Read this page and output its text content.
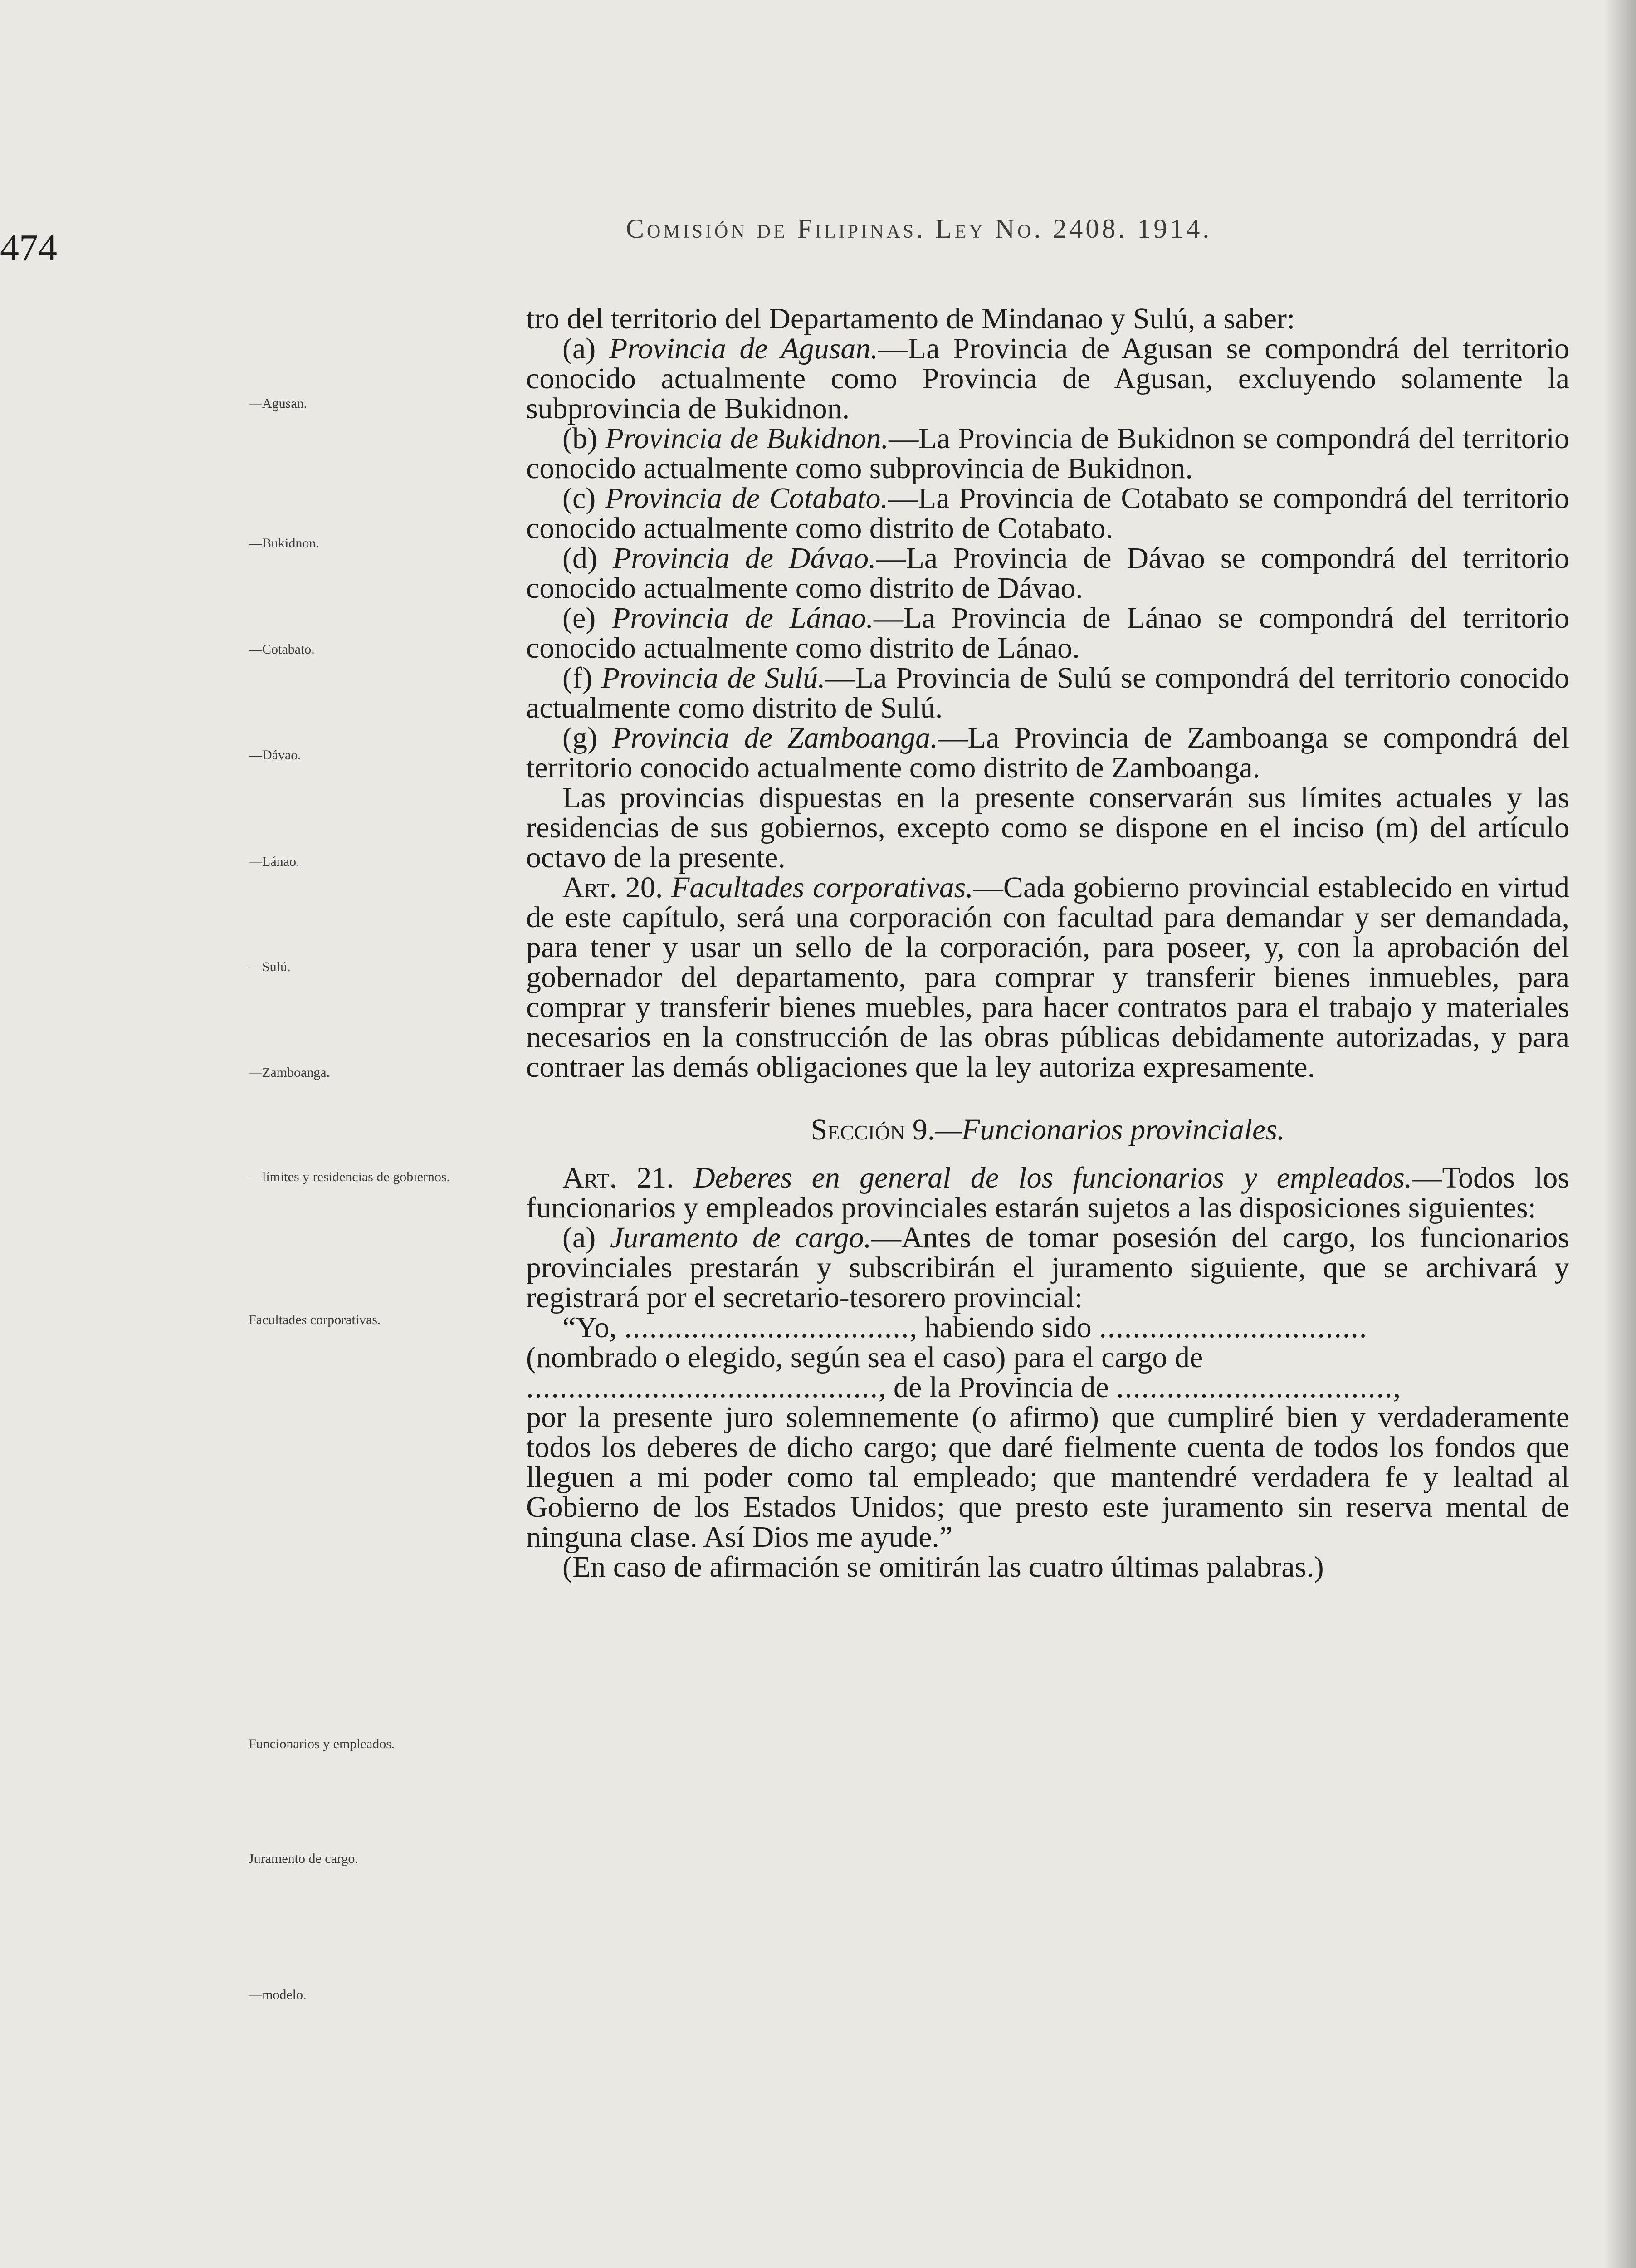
474	Comisión de Filipinas. Ley No. 2408. 1914.
—Agusan.
—Bukidnon.
—Cotabato.
—Dávao.
—Lánao.
—Sulú.
—Zamboanga.
—límites y residencias de gobiernos.
Facultades corporativas.
Funcionarios y empleados.
Juramento de cargo.
—modelo.

tro del territorio del Departamento de Mindanao y Sulú, a saber:

(a) Provincia de Agusan.—La Provincia de Agusan se compondrá del territorio conocido actualmente como Provincia de Agusan, excluyendo solamente la subprovincia de Bukidnon.

(b) Provincia de Bukidnon.—La Provincia de Bukidnon se compondrá del territorio conocido actualmente como subprovincia de Bukidnon.

(c) Provincia de Cotabato.—La Provincia de Cotabato se compondrá del territorio conocido actualmente como distrito de Cotabato.

(d) Provincia de Dávao.—La Provincia de Dávao se compondrá del territorio conocido actualmente como distrito de Dávao.

(e) Provincia de Lánao.—La Provincia de Lánao se compondrá del territorio conocido actualmente como distrito de Lánao.

(f) Provincia de Sulú.—La Provincia de Sulú se compondrá del territorio conocido actualmente como distrito de Sulú.

(g) Provincia de Zamboanga.—La Provincia de Zamboanga se compondrá del territorio conocido actualmente como distrito de Zamboanga.

Las provincias dispuestas en la presente conservarán sus límites actuales y las residencias de sus gobiernos, excepto como se dispone en el inciso (m) del artículo octavo de la presente.

Art. 20. Facultades corporativas.—Cada gobierno provincial establecido en virtud de este capítulo, será una corporación con facultad para demandar y ser demandada, para tener y usar un sello de la corporación, para poseer, y, con la aprobación del gobernador del departamento, para comprar y transferir bienes inmuebles, para comprar y transferir bienes muebles, para hacer contratos para el trabajo y materiales necesarios en la construcción de las obras públicas debidamente autorizadas, y para contraer las demás obligaciones que la ley autoriza expresamente.

Sección 9.—Funcionarios provinciales.

Art. 21. Deberes en general de los funcionarios y empleados.—Todos los funcionarios y empleados provinciales estarán sujetos a las disposiciones siguientes:

(a) Juramento de cargo.—Antes de tomar posesión del cargo, los funcionarios provinciales prestarán y subscribirán el juramento siguiente, que se archivará y registrará por el secretario-tesorero provincial:

“Yo, .................................., habiendo sido ................................

(nombrado o elegido, según sea el caso) para el cargo de

.........................................., de la Provincia de .................................,

por la presente juro solemnemente (o afirmo) que cumpliré bien y verdaderamente todos los deberes de dicho cargo; que daré fielmente cuenta de todos los fondos que lleguen a mi poder como tal empleado; que mantendré verdadera fe y lealtad al Gobierno de los Estados Unidos; que presto este juramento sin reserva mental de ninguna clase. Así Dios me ayude.”

(En caso de afirmación se omitirán las cuatro últimas palabras.)
